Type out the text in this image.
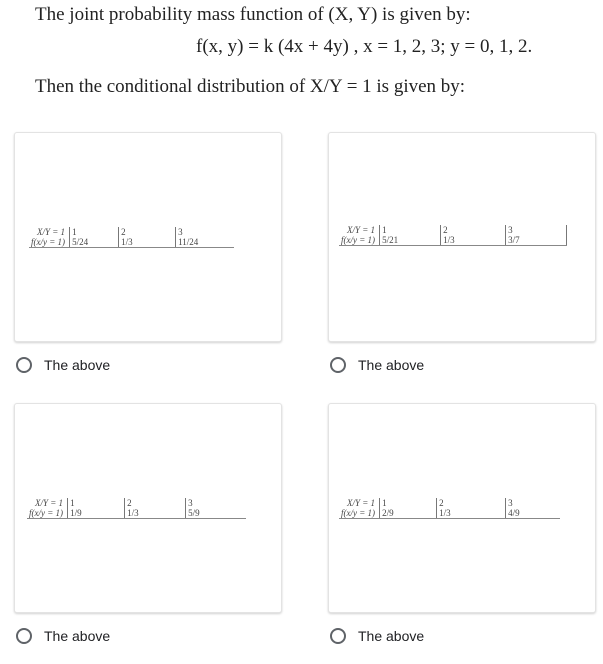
The joint probability mass function of (X, Y) is given by:
f(x, y) = k (4x + 4y) , x = 1, 2, 3; y = 0, 1, 2.
Then the conditional distribution of X/Y = 1 is given by:
X/Y = 1	1	2	3
f(x/y = 1)	5/24	1/3	11/24
The above
X/Y = 1	1	2	3
f(x/y = 1)	5/21	1/3	3/7
The above
X/Y = 1	1	2	3
f(x/y = 1)	1/9	1/3	5/9
The above
X/Y = 1	1	2	3
f(x/y = 1)	2/9	1/3	4/9
The above
